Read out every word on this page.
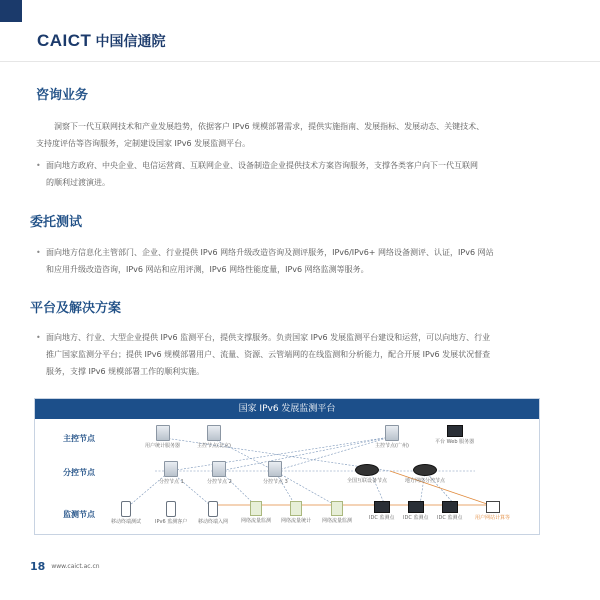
CAICT 中国信通院
咨询业务
洞察下一代互联网技术和产业发展趋势，依据客户 IPv6 规模部署需求，提供实施指南、发展指标、发展动态、关键技术、
支持度评估等咨询服务，定制建设国家 IPv6 发展监测平台。
• 面向地方政府、中央企业、电信运营商、互联网企业、设备制造企业提供技术方案咨询服务，支撑各类客户向下一代互联网
的顺利过渡演进。
委托测试
• 面向地方信息化主管部门、企业、行业提供 IPv6 网络升级改造咨询及测评服务，IPv6/IPv6+ 网络设备测评、认证，IPv6 网站
和应用升级改造咨询，IPv6 网站和应用评测，IPv6 网络性能度量，IPv6 网络监测等服务。
平台及解决方案
• 面向地方、行业、大型企业提供 IPv6 监测平台，提供支撑服务。负责国家 IPv6 发展监测平台建设和运营，可以向地方、行业
推广国家监测分平台；提供 IPv6 规模部署用户、流量、资源、云管端网的在线监测和分析能力，配合开展 IPv6 发展状况督查
服务，支撑 IPv6 规模部署工作的顺利实施。
国家 IPv6 发展监测平台
主控节点
分控节点
监测节点
用户统计服务器	主控节点(北京)	主控节点(广州)
平台 Web 服务器
分控节点 1	分控节点 2	分控节点 3	全国互联设备节点	地方网络分控节点
移动终端测试	IPv6 监测客户 移动终端入网	网络流量监测 网络流量统计 网络流量监测	IDC 监测点 IDC 监测点 IDC 监测点	用户网站计算等
18 www.caict.ac.cn
